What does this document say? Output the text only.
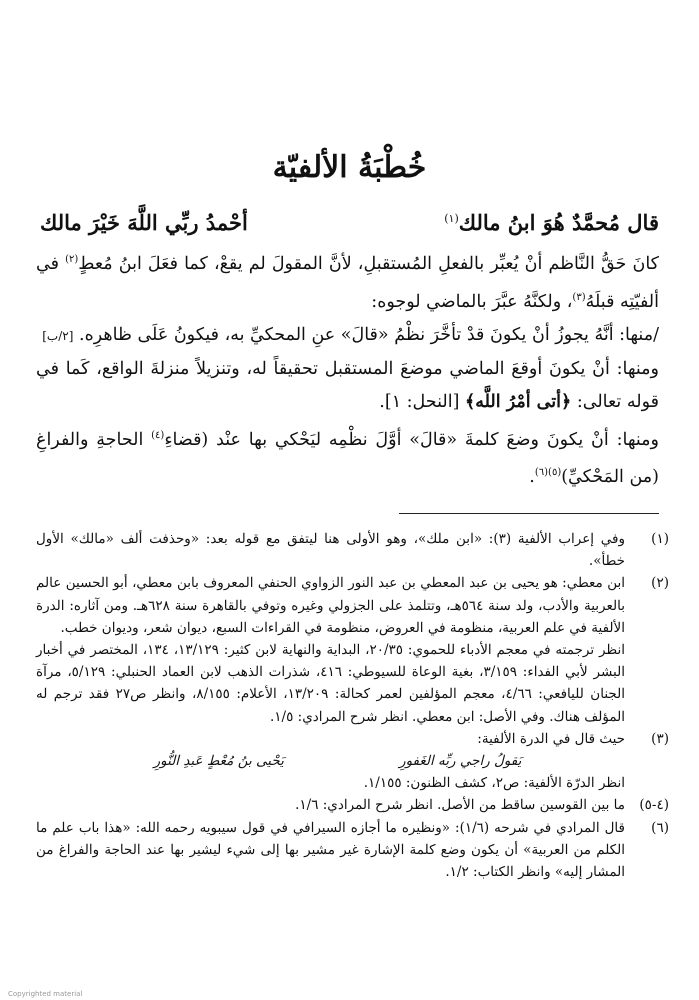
خُطْبَةُ الألفيّة
قال مُحمَّدٌ هُوَ ابنُ مالك$^{(١)}$
أحْمدُ ربِّي اللَّهَ خَيْرَ مالك

كانَ حَقُّ النَّاظم أنْ يُعبِّر بالفعلِ المُستقبلِ، لأنَّ المقولَ لم يقعْ، كما فعَلَ ابنُ مُعطٍ$^{(٢)}$ في ألفيّتِه قبلَهُ$^{(٣)}$، ولكنَّهُ عبَّرَ بالماضي لوجوه:

/منها: أنَّهُ يجوزُ أنْ يكونَ قدْ تأخَّرَ نظْمُ «قالَ» عنِ المحكيِّ به، فيكونُ عَلَى ظاهرِه. [٢/ب]

ومنها: أنْ يكونَ أوقعَ الماضي موضعَ المستقبل تحقيقاً له، وتنزيلاً منزلةَ الواقع، كَما في قوله تعالى: ﴿أتى أمْرُ اللَّه﴾ [النحل: ١].

ومنها: أنْ يكونَ وضعَ كلمةَ «قالَ» أوَّلَ نظْمِه ليَحْكي بها عنْد (قضاءِ$^{(٤)}$ الحاجةِ والفراغِ (من المَحْكيِّ)$^{(٥)(٦)}$.

(١)
وفي إعراب الألفية (٣): «ابن ملك»، وهو الأولى هنا ليتفق مع قوله بعد: «وحذفت ألف «مالك» الأول خطأ».
(٢)
ابن معطي: هو يحيى بن عبد المعطي بن عبد النور الزواوي الحنفي المعروف بابن معطي، أبو الحسين عالم بالعربية والأدب، ولد سنة ٥٦٤هـ، وتتلمذ على الجزولي وغيره وتوفي بالقاهرة سنة ٦٢٨هـ. ومن آثاره: الدرة الألفية في علم العربية، منظومة في العروض، منظومة في القراءات السبع، ديوان شعر، وديوان خطب.
انظر ترجمته في معجم الأدباء للحموي: ٢٠/٣٥، البداية والنهاية لابن كثير: ١٣/١٢٩، ١٣٤، المختصر في أخبار البشر لأبي الفداء: ٣/١٥٩، بغية الوعاة للسيوطي: ٤١٦، شذرات الذهب لابن العماد الحنبلي: ٥/١٢٩، مرآة الجنان لليافعي: ٤/٦٦، معجم المؤلفين لعمر كحالة: ١٣/٢٠٩، الأعلام: ٨/١٥٥، وانظر ص٢٧ فقد ترجم له المؤلف هناك. وفي الأصل: ابن معطي. انظر شرح المرادي: ١/٥.
(٣)
حيث قال في الدرة الألفية:
يَقولُ راجي ربِّه الغَفورِ
يَحْيى بنُ مُعْطٍ عَبدِ النُّورِ
انظر الدرّة الألفية: ص٢، كشف الظنون: ١/١٥٥.
(٤-٥)
ما بين القوسين ساقط من الأصل. انظر شرح المرادي: ١/٦.
(٦)
قال المرادي في شرحه (١/٦): «ونظيره ما أجازه السيرافي في قول سيبويه رحمه الله: «هذا باب علم ما الكلم من العربية» أن يكون وضع كلمة الإشارة غير مشير بها إلى شيء ليشير بها عند الحاجة والفراغ من المشار إليه» وانظر الكتاب: ١/٢.
Copyrighted material
